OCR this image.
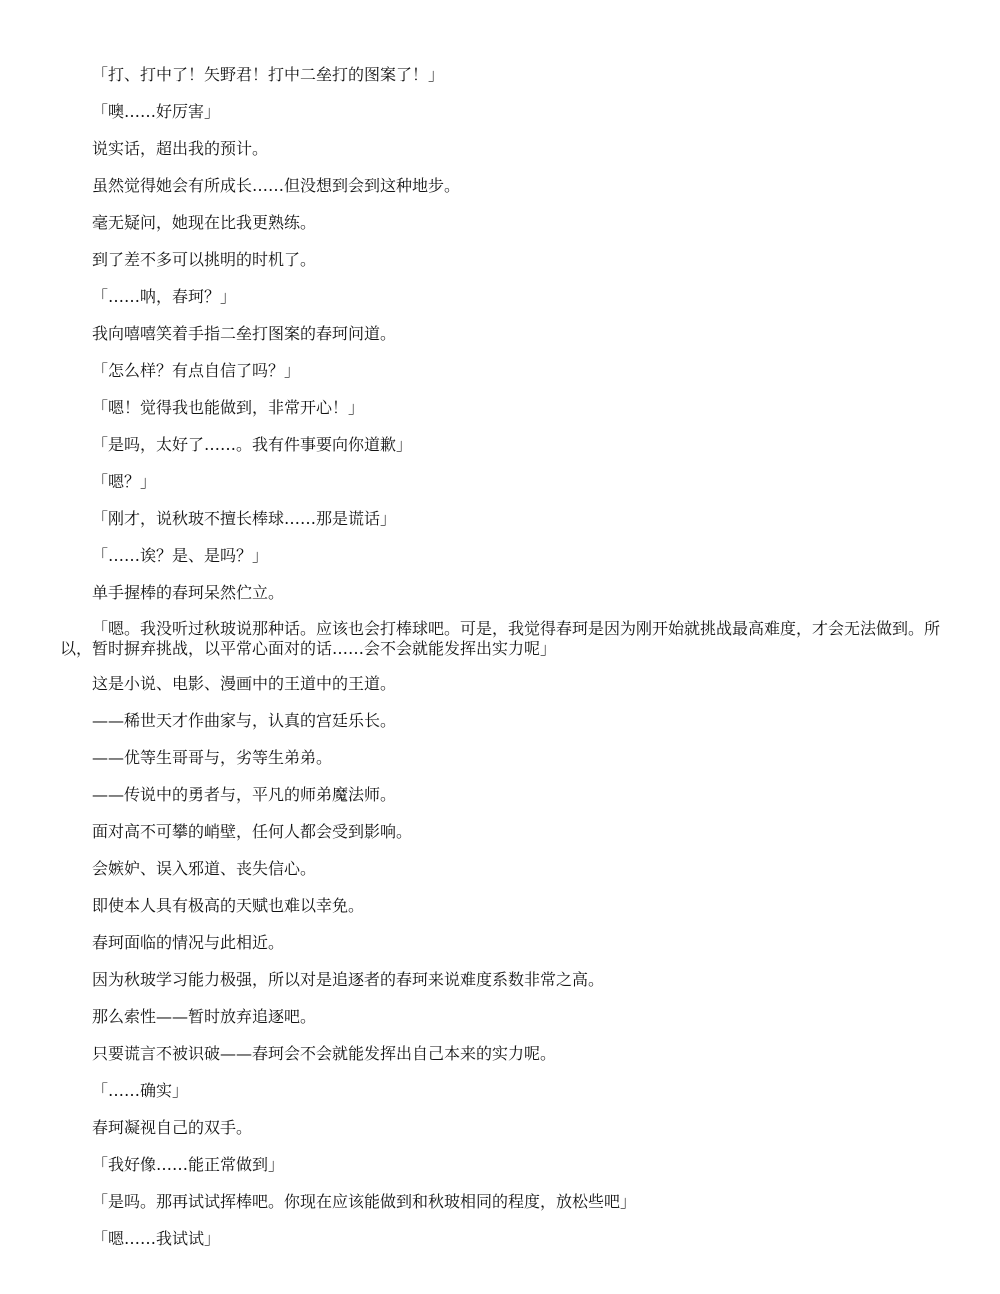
「打、打中了！矢野君！打中二垒打的图案了！」

「噢……好厉害」

说实话，超出我的预计。

虽然觉得她会有所成长……但没想到会到这种地步。

毫无疑问，她现在比我更熟练。

到了差不多可以挑明的时机了。

「……呐，春珂？」

我向嘻嘻笑着手指二垒打图案的春珂问道。

「怎么样？有点自信了吗？」

「嗯！觉得我也能做到，非常开心！」

「是吗，太好了……。我有件事要向你道歉」

「嗯？」

「刚才，说秋玻不擅长棒球……那是谎话」

「……诶？是、是吗？」

单手握棒的春珂呆然伫立。

「嗯。我没听过秋玻说那种话。应该也会打棒球吧。可是，我觉得春珂是因为刚开始就挑战最高难度，才会无法做到。所以，暂时摒弃挑战，以平常心面对的话……会不会就能发挥出实力呢」

这是小说、电影、漫画中的王道中的王道。

——稀世天才作曲家与，认真的宫廷乐长。

——优等生哥哥与，劣等生弟弟。

——传说中的勇者与，平凡的师弟魔法师。

面对高不可攀的峭壁，任何人都会受到影响。

会嫉妒、误入邪道、丧失信心。

即使本人具有极高的天赋也难以幸免。

春珂面临的情况与此相近。

因为秋玻学习能力极强，所以对是追逐者的春珂来说难度系数非常之高。

那么索性——暂时放弃追逐吧。

只要谎言不被识破——春珂会不会就能发挥出自己本来的实力呢。

「……确实」

春珂凝视自己的双手。

「我好像……能正常做到」

「是吗。那再试试挥棒吧。你现在应该能做到和秋玻相同的程度，放松些吧」

「嗯……我试试」
